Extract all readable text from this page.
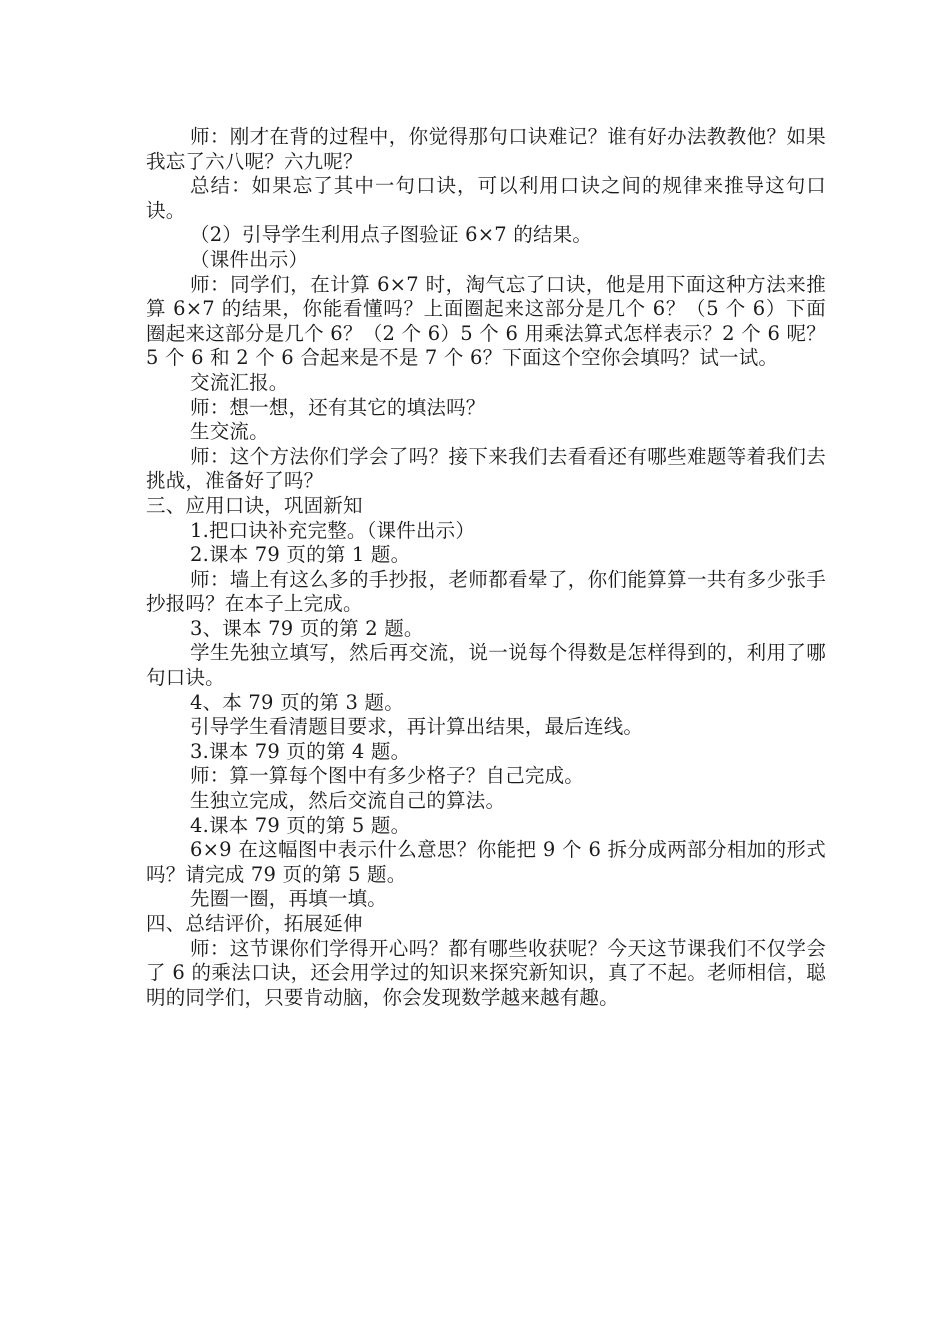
师：刚才在背的过程中，你觉得那句口诀难记？谁有好办法教教他？如果我忘了六八呢？六九呢？

总结：如果忘了其中一句口诀，可以利用口诀之间的规律来推导这句口诀。

（2）引导学生利用点子图验证 6×7 的结果。

（课件出示）

师：同学们，在计算 6×7 时，淘气忘了口诀，他是用下面这种方法来推算 6×7 的结果，你能看懂吗？上面圈起来这部分是几个 6？（5 个 6）下面圈起来这部分是几个 6？（2 个 6）5 个 6 用乘法算式怎样表示？2 个 6 呢？5 个 6 和 2 个 6 合起来是不是 7 个 6？下面这个空你会填吗？试一试。

交流汇报。

师：想一想，还有其它的填法吗？

生交流。

师：这个方法你们学会了吗？接下来我们去看看还有哪些难题等着我们去挑战，准备好了吗？

三、应用口诀，巩固新知

1.把口诀补充完整。（课件出示）

2.课本 79 页的第 1 题。

师：墙上有这么多的手抄报，老师都看晕了，你们能算算一共有多少张手抄报吗？在本子上完成。

3、课本 79 页的第 2 题。

学生先独立填写，然后再交流，说一说每个得数是怎样得到的，利用了哪句口诀。

4、本 79 页的第 3 题。

引导学生看清题目要求，再计算出结果，最后连线。

3.课本 79 页的第 4 题。

师：算一算每个图中有多少格子？自己完成。

生独立完成，然后交流自己的算法。

4.课本 79 页的第 5 题。

6×9 在这幅图中表示什么意思？你能把 9 个 6 拆分成两部分相加的形式吗？请完成 79 页的第 5 题。

先圈一圈，再填一填。

四、总结评价，拓展延伸

师：这节课你们学得开心吗？都有哪些收获呢？今天这节课我们不仅学会了 6 的乘法口诀，还会用学过的知识来探究新知识，真了不起。老师相信，聪明的同学们，只要肯动脑，你会发现数学越来越有趣。
